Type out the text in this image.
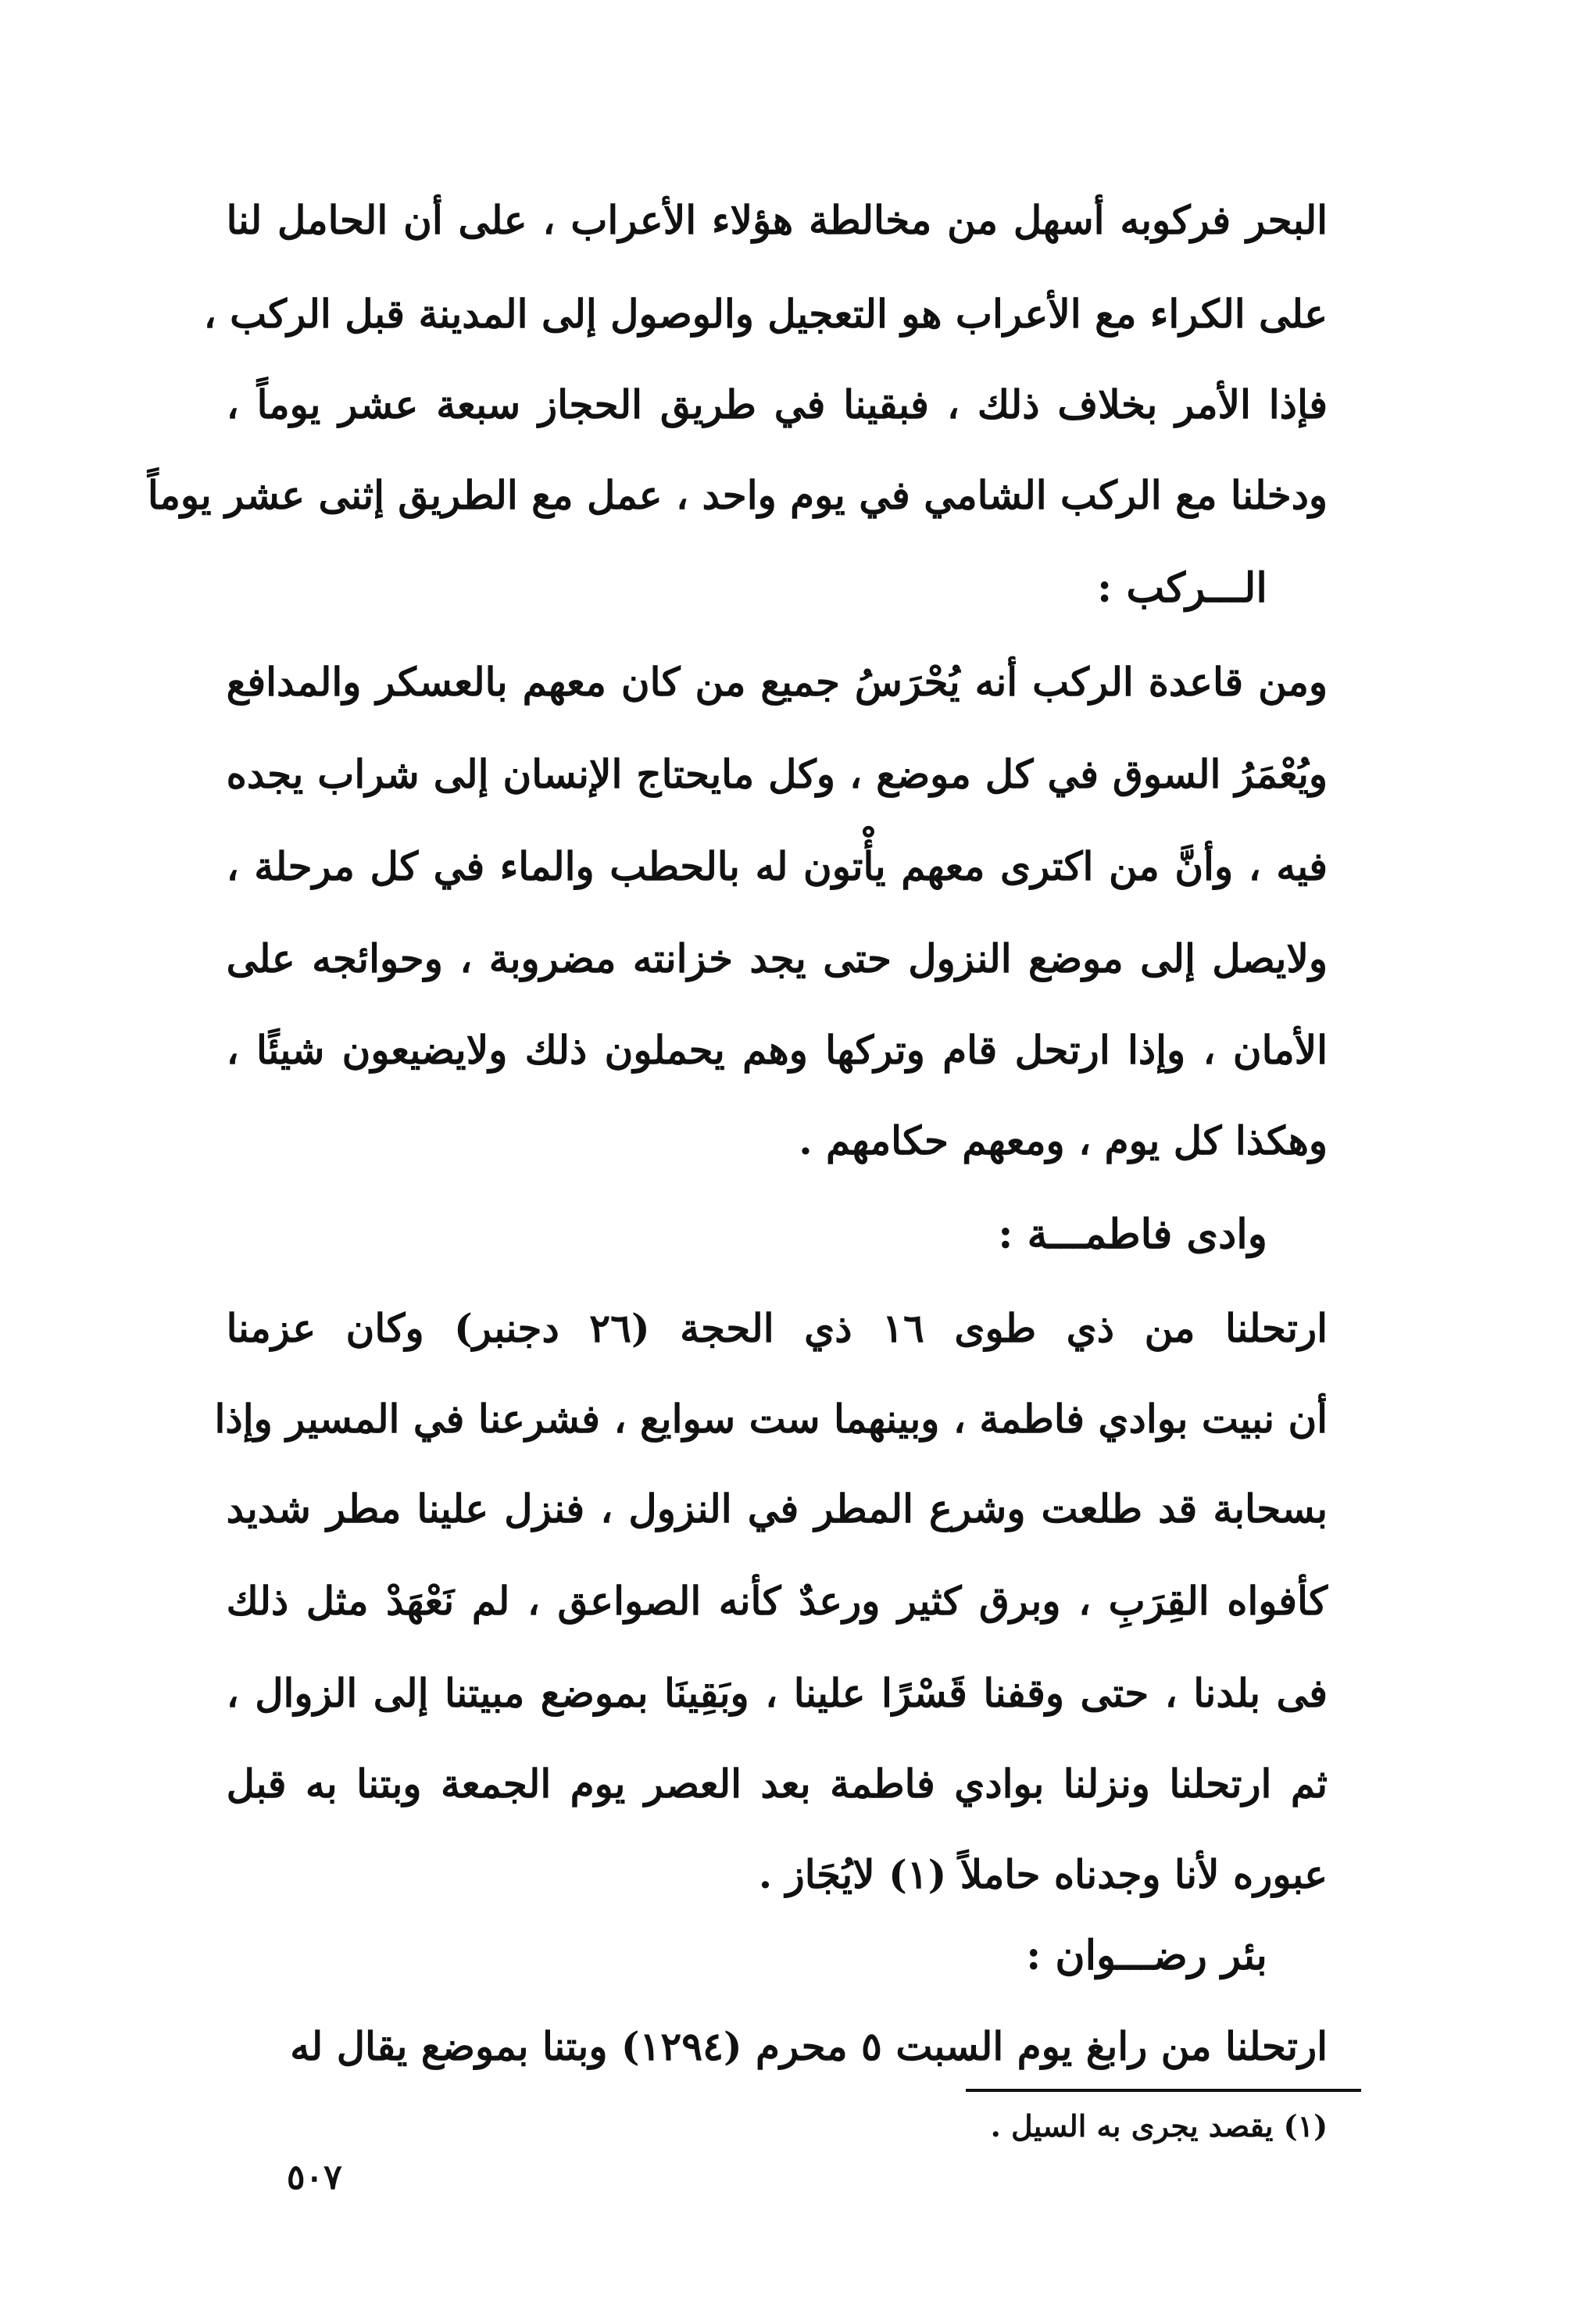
البحر فركوبه أسهل من مخالطة هؤلاء الأعراب ، على أن الحامل لنا
على الكراء مع الأعراب هو التعجيل والوصول إلى المدينة قبل الركب ،
فإذا الأمر بخلاف ذلك ، فبقينا في طريق الحجاز سبعة عشر يوماً ،
ودخلنا مع الركب الشامي في يوم واحد ، عمل مع الطريق إثنى عشر يوماً
الـــركب :
ومن قاعدة الركب أنه يُحْرَسُ جميع من كان معهم بالعسكر والمدافع
ويُعْمَرُ السوق في كل موضع ، وكل مايحتاج الإنسان إلى شراب يجده
فيه ، وأنَّ من اكترى معهم يأْتون له بالحطب والماء في كل مرحلة ،
ولايصل إلى موضع النزول حتى يجد خزانته مضروبة ، وحوائجه على
الأمان ، وإذا ارتحل قام وتركها وهم يحملون ذلك ولايضيعون شيئًا ،
وهكذا كل يوم ، ومعهم حكامهم .
وادى فاطمـــة :
ارتحلنا من ذي طوى ١٦ ذي الحجة (٢٦ دجنبر) وكان عزمنا
أن نبيت بوادي فاطمة ، وبينهما ست سوايع ، فشرعنا في المسير وإذا
بسحابة قد طلعت وشرع المطر في النزول ، فنزل علينا مطر شديد
كأفواه القِرَبِ ، وبرق كثير ورعدٌ كأنه الصواعق ، لم نَعْهَدْ مثل ذلك
فى بلدنا ، حتى وقفنا قَسْرًا علينا ، وبَقِينَا بموضع مبيتنا إلى الزوال ،
ثم ارتحلنا ونزلنا بوادي فاطمة بعد العصر يوم الجمعة وبتنا به قبل
عبوره لأنا وجدناه حاملاً (١) لايُجَاز .
بئر رضـــوان :
ارتحلنا من رابغ يوم السبت ٥ محرم (١٢٩٤) وبتنا بموضع يقال له
(١) يقصد يجرى به السيل .
٥٠٧
